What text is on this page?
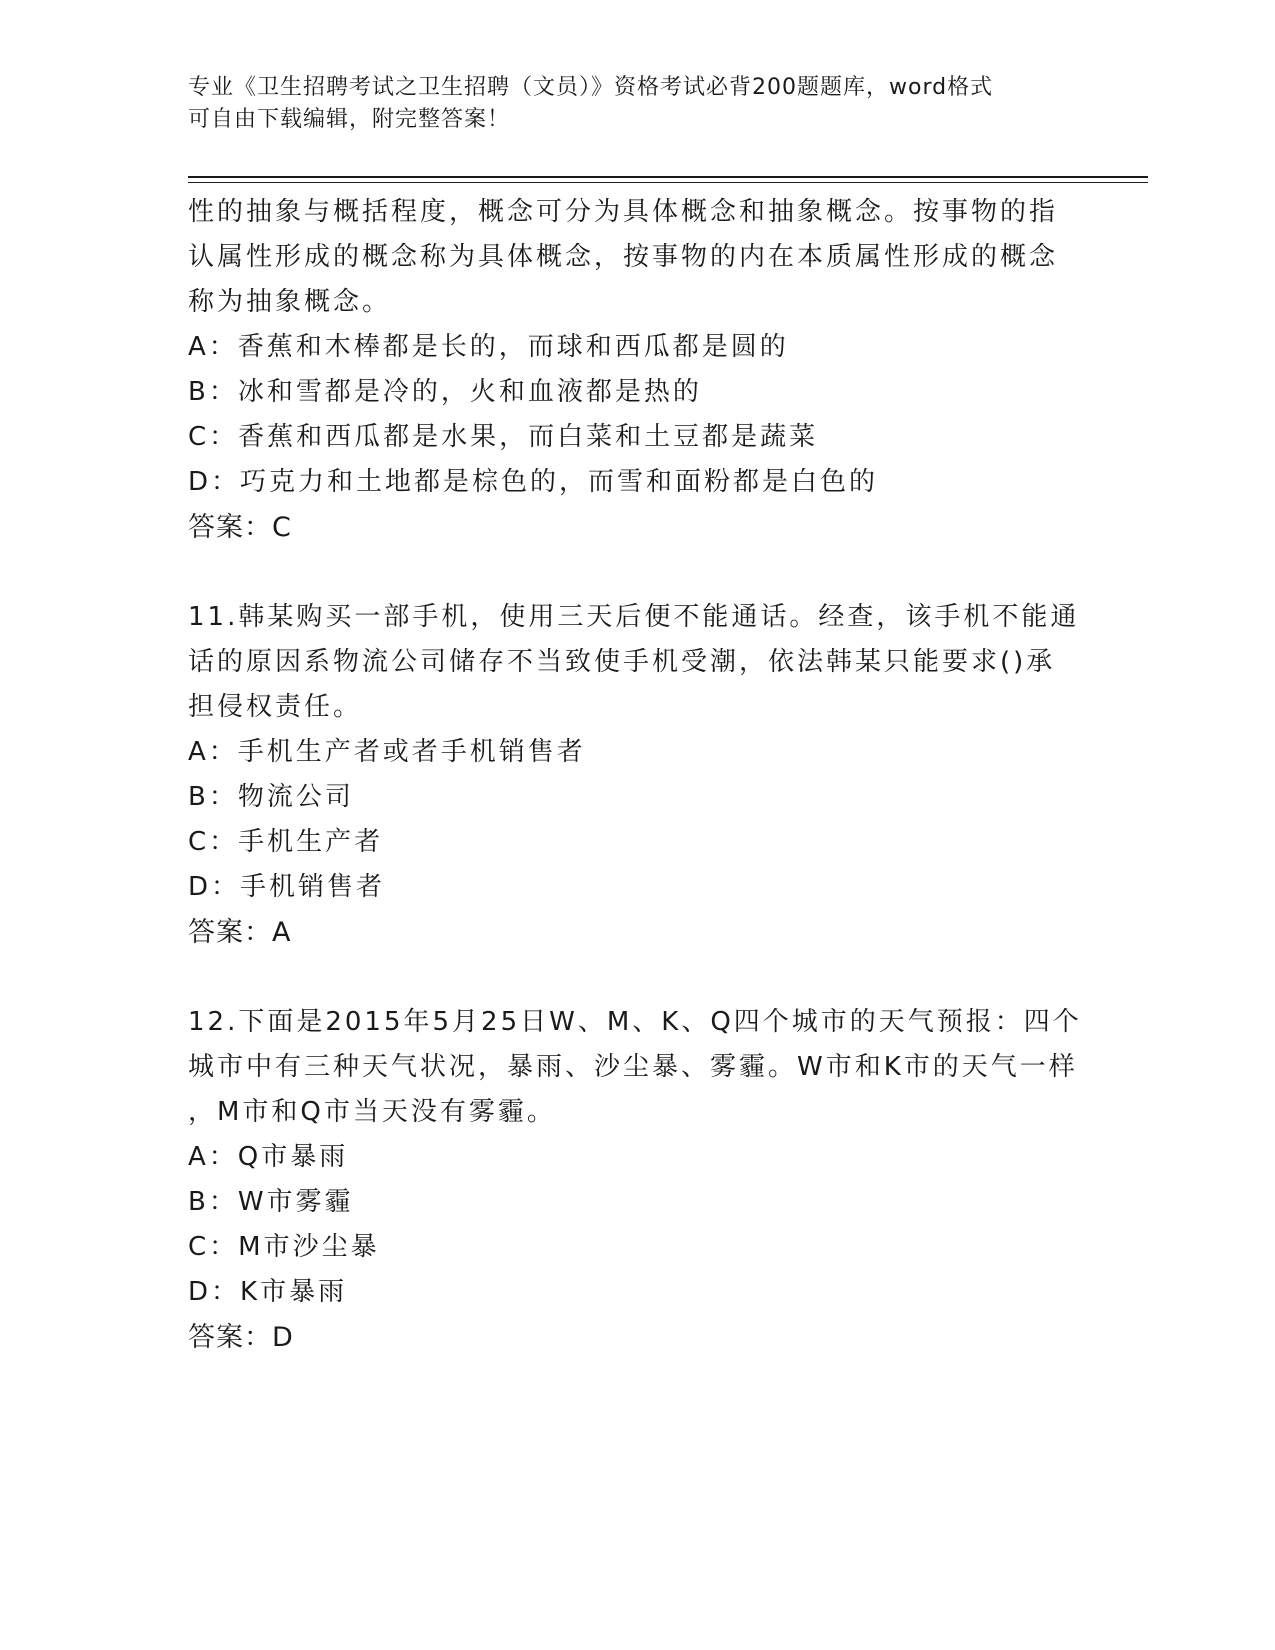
专业《卫生招聘考试之卫生招聘（文员）》资格考试必背200题题库，word格式
可自由下载编辑，附完整答案！
性的抽象与概括程度，概念可分为具体概念和抽象概念。按事物的指
认属性形成的概念称为具体概念，按事物的内在本质属性形成的概念
称为抽象概念。
A：香蕉和木棒都是长的，而球和西瓜都是圆的
B：冰和雪都是冷的，火和血液都是热的
C：香蕉和西瓜都是水果，而白菜和土豆都是蔬菜
D：巧克力和土地都是棕色的，而雪和面粉都是白色的
答案：C
11.韩某购买一部手机，使用三天后便不能通话。经查，该手机不能通
话的原因系物流公司储存不当致使手机受潮，依法韩某只能要求()承
担侵权责任。
A：手机生产者或者手机销售者
B：物流公司
C：手机生产者
D：手机销售者
答案：A
12.下面是2015年5月25日W、M、K、Q四个城市的天气预报：四个
城市中有三种天气状况，暴雨、沙尘暴、雾霾。W市和K市的天气一样
，M市和Q市当天没有雾霾。
A：Q市暴雨
B：W市雾霾
C：M市沙尘暴
D：K市暴雨
答案：D
